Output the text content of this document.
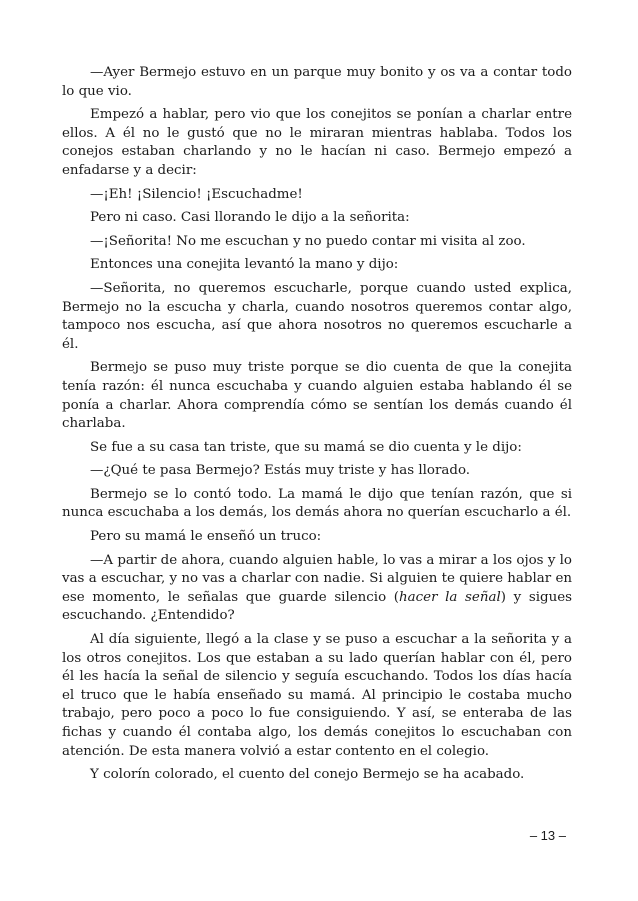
—Ayer Bermejo estuvo en un parque muy bonito y os va a contar todo lo que vio.

Empezó a hablar, pero vio que los conejitos se ponían a charlar entre ellos. A él no le gustó que no le miraran mientras hablaba. Todos los conejos estaban charlando y no le hacían ni caso. Bermejo empezó a enfadarse y a decir:

—¡Eh! ¡Silencio! ¡Escuchadme!

Pero ni caso. Casi llorando le dijo a la señorita:

—¡Señorita! No me escuchan y no puedo contar mi visita al zoo.

Entonces una conejita levantó la mano y dijo:

—Señorita, no queremos escucharle, porque cuando usted explica, Bermejo no la escucha y charla, cuando nosotros queremos contar algo, tampoco nos escucha, así que ahora nosotros no queremos escucharle a él.

Bermejo se puso muy triste porque se dio cuenta de que la conejita tenía razón: él nunca escuchaba y cuando alguien estaba hablando él se ponía a charlar. Ahora comprendía cómo se sentían los demás cuando él charlaba.

Se fue a su casa tan triste, que su mamá se dio cuenta y le dijo:

—¿Qué te pasa Bermejo? Estás muy triste y has llorado.

Bermejo se lo contó todo. La mamá le dijo que tenían razón, que si nunca escuchaba a los demás, los demás ahora no querían escucharlo a él.

Pero su mamá le enseñó un truco:

—A partir de ahora, cuando alguien hable, lo vas a mirar a los ojos y lo vas a escuchar, y no vas a charlar con nadie. Si alguien te quiere hablar en ese momento, le señalas que guarde silencio (hacer la señal) y sigues escuchando. ¿Entendido?

Al día siguiente, llegó a la clase y se puso a escuchar a la señorita y a los otros conejitos. Los que estaban a su lado querían hablar con él, pero él les hacía la señal de silencio y seguía escuchando. Todos los días hacía el truco que le había enseñado su mamá. Al principio le costaba mucho trabajo, pero poco a poco lo fue consiguiendo. Y así, se enteraba de las fichas y cuando él contaba algo, los demás conejitos lo escuchaban con atención. De esta manera volvió a estar contento en el colegio.

Y colorín colorado, el cuento del conejo Bermejo se ha acabado.

– 13 –
